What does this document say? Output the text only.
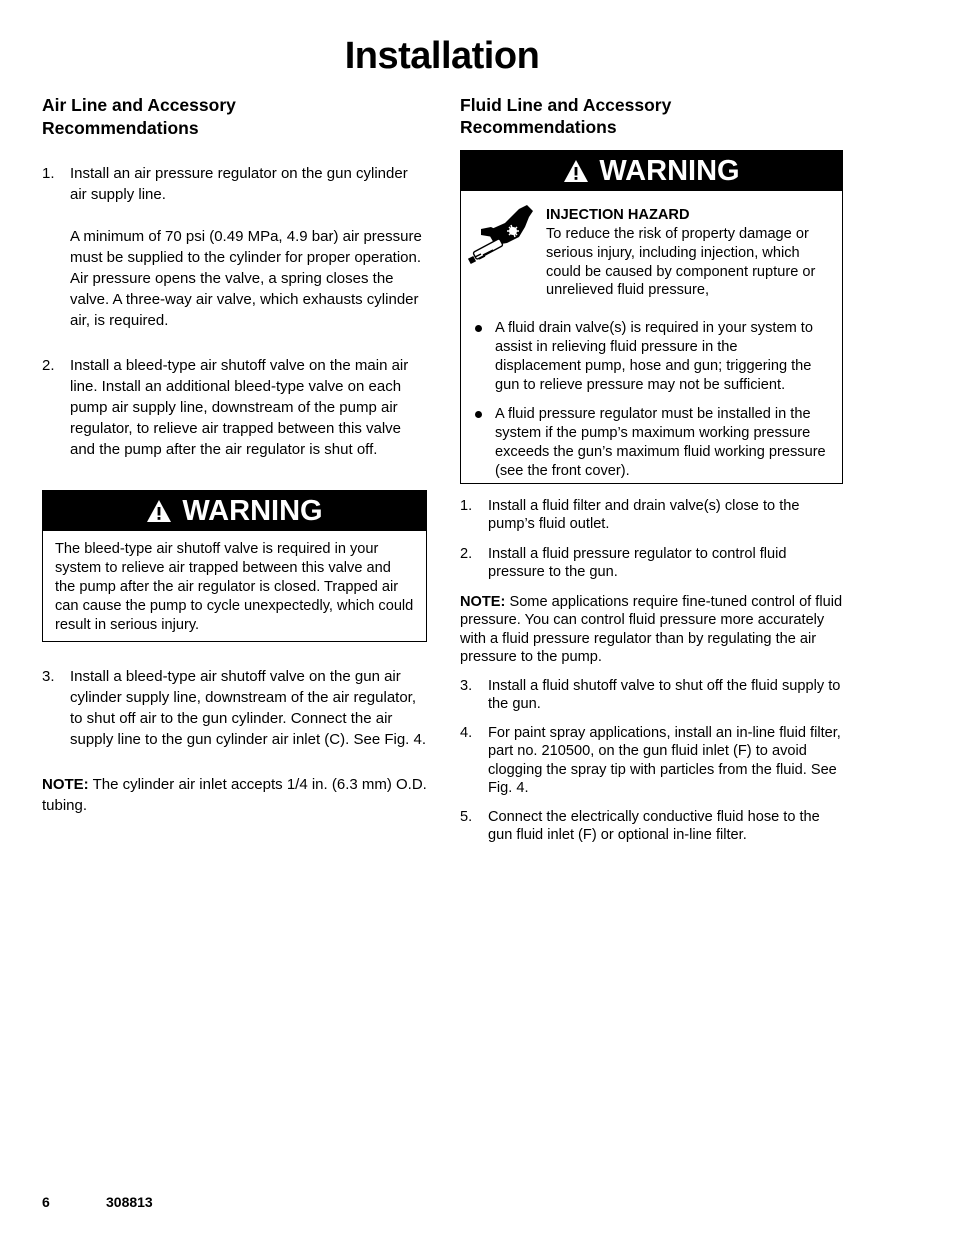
Installation
Air Line and Accessory Recommendations
1. Install an air pressure regulator on the gun cylinder air supply line.
A minimum of 70 psi (0.49 MPa, 4.9 bar) air pressure must be supplied to the cylinder for proper operation. Air pressure opens the valve, a spring closes the valve. A three-way air valve, which exhausts cylinder air, is required.
2. Install a bleed-type air shutoff valve on the main air line. Install an additional bleed-type valve on each pump air supply line, downstream of the pump air regulator, to relieve air trapped between this valve and the pump after the air regulator is shut off.
WARNING
The bleed-type air shutoff valve is required in your system to relieve air trapped between this valve and the pump after the air regulator is closed. Trapped air can cause the pump to cycle unexpectedly, which could result in serious injury.
3. Install a bleed-type air shutoff valve on the gun air cylinder supply line, downstream of the air regulator, to shut off air to the gun cylinder. Connect the air supply line to the gun cylinder air inlet (C). See Fig. 4.

NOTE: The cylinder air inlet accepts 1/4 in. (6.3 mm) O.D. tubing.

Fluid Line and Accessory Recommendations
WARNING
INJECTION HAZARD
To reduce the risk of property damage or serious injury, including injection, which could be caused by component rupture or unrelieved fluid pressure,
A fluid drain valve(s) is required in your system to assist in relieving fluid pressure in the displacement pump, hose and gun; triggering the gun to relieve pressure may not be sufficient.
A fluid pressure regulator must be installed in the system if the pump’s maximum working pressure exceeds the gun’s maximum fluid working pressure (see the front cover).
1. Install a fluid filter and drain valve(s) close to the pump’s fluid outlet.
2. Install a fluid pressure regulator to control fluid pressure to the gun.

NOTE: Some applications require fine-tuned control of fluid pressure. You can control fluid pressure more accurately with a fluid pressure regulator than by regulating the air pressure to the pump.

3. Install a fluid shutoff valve to shut off the fluid supply to the gun.
4. For paint spray applications, install an in-line fluid filter, part no. 210500, on the gun fluid inlet (F) to avoid clogging the spray tip with particles from the fluid. See Fig. 4.
5. Connect the electrically conductive fluid hose to the gun fluid inlet (F) or optional in-line filter.
6	308813
